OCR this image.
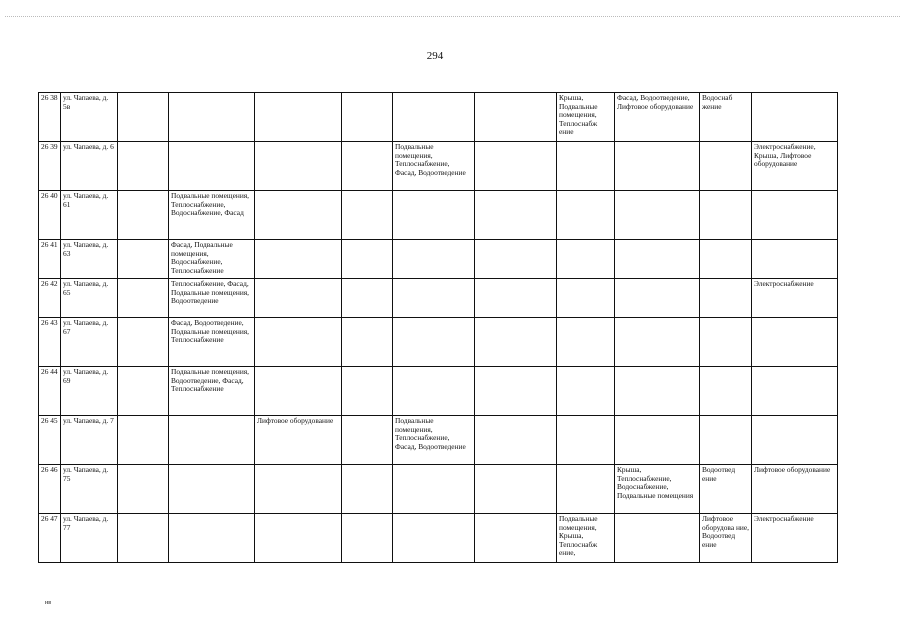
294
26 38	ул. Чапаева, д. 5в							Крыша, Подвальные помещения, Теплоснабж ение	Фасад, Водоотведение, Лифтовое оборудование	Водоснаб жение	
26 39	ул. Чапаева, д. 6					Подвальные помещения, Теплоснабжение, Фасад, Водоотведение					Электроснабжение, Крыша, Лифтовое оборудование
26 40	ул. Чапаева, д. 61		Подвальные помещения, Теплоснабжение, Водоснабжение, Фасад								
26 41	ул. Чапаева, д. 63		Фасад, Подвальные помещения, Водоснабжение, Теплоснабжение								
26 42	ул. Чапаева, д. 65		Теплоснабжение, Фасад, Подвальные помещения, Водоотведение								Электроснабжение
26 43	ул. Чапаева, д. 67		Фасад, Водоотведение, Подвальные помещения, Теплоснабжение								
26 44	ул. Чапаева, д. 69		Подвальные помещения, Водоотведение, Фасад, Теплоснабжение								
26 45	ул. Чапаева, д. 7			Лифтовое оборудование		Подвальные помещения, Теплоснабжение, Фасад, Водоотведение					
26 46	ул. Чапаева, д. 75								Крыша, Теплоснабжение, Водоснабжение, Подвальные помещения	Водоотвед ение	Лифтовое оборудование
26 47	ул. Чапаева, д. 77							Подвальные помещения, Крыша, Теплоснабж ение,		Лифтовое оборудова ние, Водоотвед ение	Электроснабжение
нв
